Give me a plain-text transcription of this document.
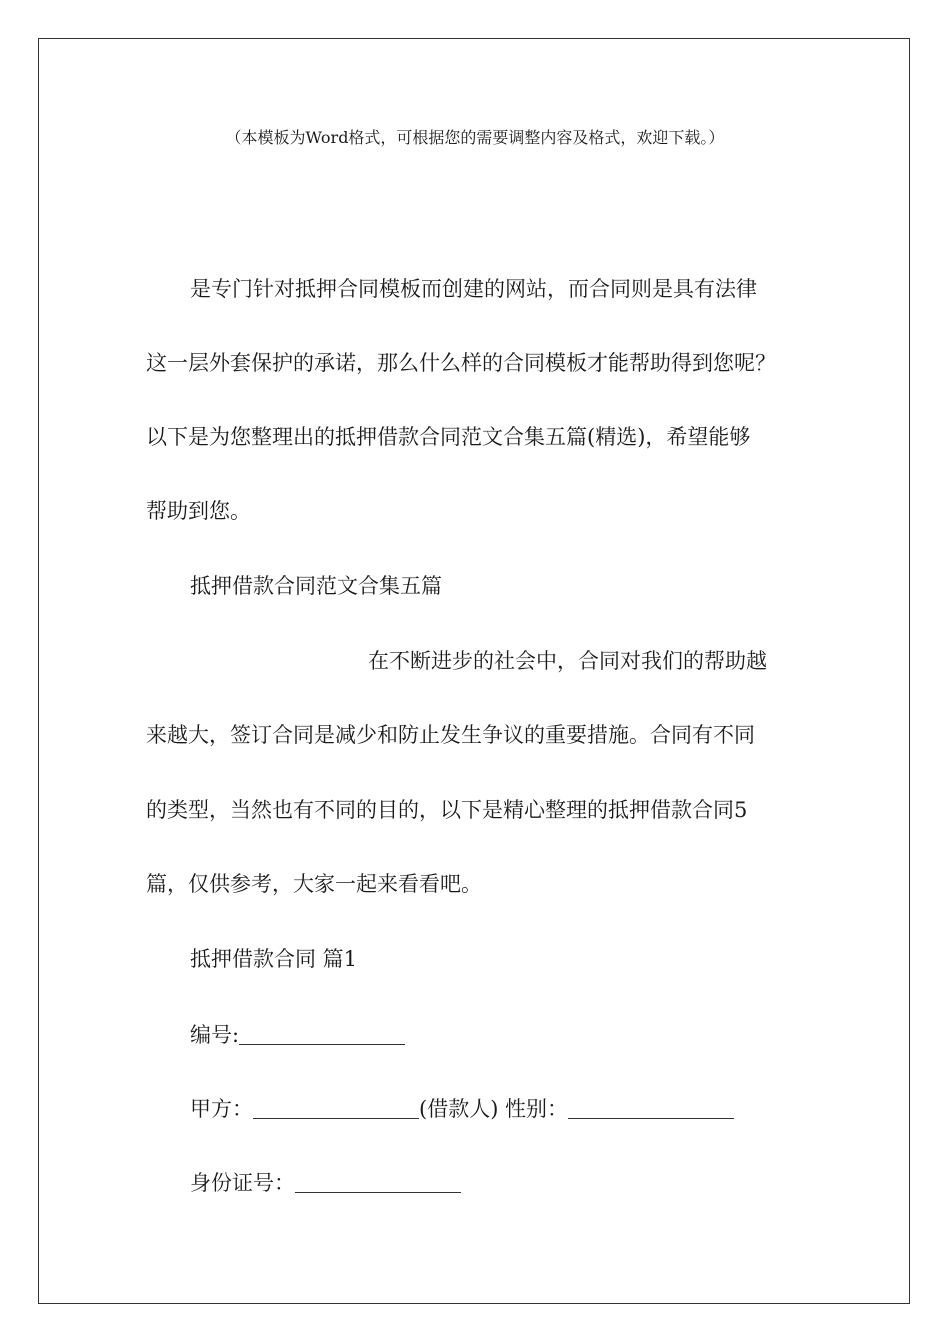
（本模板为Word格式，可根据您的需要调整内容及格式，欢迎下载。）
是专门针对抵押合同模板而创建的网站，而合同则是具有法律
这一层外套保护的承诺，那么什么样的合同模板才能帮助得到您呢？
以下是为您整理出的抵押借款合同范文合集五篇(精选)，希望能够
帮助到您。
抵押借款合同范文合集五篇
在不断进步的社会中，合同对我们的帮助越
来越大，签订合同是减少和防止发生争议的重要措施。合同有不同
的类型，当然也有不同的目的，以下是精心整理的抵押借款合同5
篇，仅供参考，大家一起来看看吧。
抵押借款合同 篇1
编号:
甲方：	(借款人) 性别：
身份证号：
